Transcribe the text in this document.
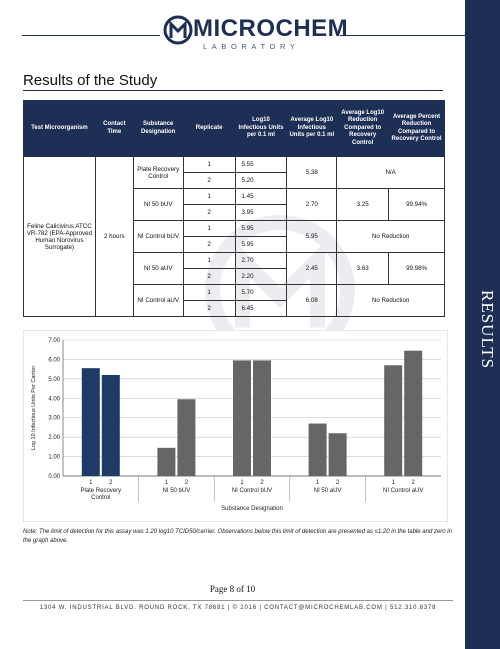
MICROCHEM
LABORATORY
Results of the Study
RESULTS
Test Microorganism	Contact Time	Substance Designation	Replicate	Log10 Infectious Units per 0.1 ml	Average Log10 Infectious Units per 0.1 ml	Average Log10 Reduction Compared to Recovery Control	Average Percent Reduction Compared to Recovery Control
Feline Calicivirus ATCC VR-782 (EPA-Approved Human Norovirus Surrogate)	2 hours	Plate Recovery Control	1	5.55	5.38	N/A	
			2	5.20			
		NI 50 bUV	1	1.45	2.70	3.25	99.94%
			2	3.95			
		NI Control bUV	1	5.95	5.95	No Reduction	
			2	5.95			
		NI 50 aUV	1	2.70	2.45	3.63	99.98%
			2	2.20			
		NI Control aUV	1	5.70	6.08	No Reduction	
			2	6.45			
0.00
1.00
2.00
3.00
4.00
5.00
6.00
7.00
1	2
Plate Recovery
Control
1	2
NI 50 bUV
1	2
NI Control bUV
1	2
NI 50 aUV
1	2
NI Control aUV
Substance Designation
Log 10 Infectious Units Per Carrier
Note: The limit of detection for this assay was 1.20 log10 TCID50/carrier. Observations below this limit of detection are presented as ≤1.20 in the table and zero in the graph above.
Page 8 of 10
1304 W. INDUSTRIAL BLVD. ROUND ROCK, TX 78681 | © 2016 | CONTACT@MICROCHEMLAB.COM | 512.310.8378
